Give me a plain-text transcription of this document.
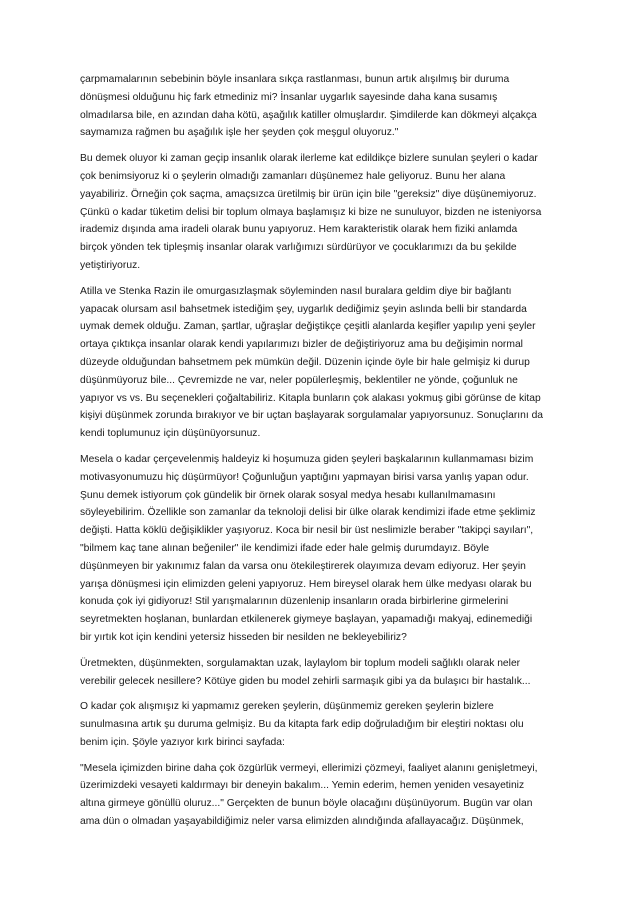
çarpmamalarının sebebinin böyle insanlara sıkça rastlanması, bunun artık alışılmış bir duruma
dönüşmesi olduğunu hiç fark etmediniz mi? İnsanlar uygarlık sayesinde daha kana susamış
olmadılarsa bile, en azından daha kötü, aşağılık katiller olmuşlardır. Şimdilerde kan dökmeyi alçakça
saymamıza rağmen bu aşağılık işle her şeyden çok meşgul oluyoruz."

Bu demek oluyor ki zaman geçip insanlık olarak ilerleme kat edildikçe bizlere sunulan şeyleri o kadar
çok benimsiyoruz ki o şeylerin olmadığı zamanları düşünemez hale geliyoruz. Bunu her alana
yayabiliriz. Örneğin çok saçma, amaçsızca üretilmiş bir ürün için bile "gereksiz" diye düşünemiyoruz.
Çünkü o kadar tüketim delisi bir toplum olmaya başlamışız ki bize ne sunuluyor, bizden ne isteniyorsa
irademiz dışında ama iradeli olarak bunu yapıyoruz. Hem karakteristik olarak hem fiziki anlamda
birçok yönden tek tipleşmiş insanlar olarak varlığımızı sürdürüyor ve çocuklarımızı da bu şekilde
yetiştiriyoruz.

Atilla ve Stenka Razin ile omurgasızlaşmak söyleminden nasıl buralara geldim diye bir bağlantı
yapacak olursam asıl bahsetmek istediğim şey, uygarlık dediğimiz şeyin aslında belli bir standarda
uymak demek olduğu. Zaman, şartlar, uğraşlar değiştikçe çeşitli alanlarda keşifler yapılıp yeni şeyler
ortaya çıktıkça insanlar olarak kendi yapılarımızı bizler de değiştiriyoruz ama bu değişimin normal
düzeyde olduğundan bahsetmem pek mümkün değil. Düzenin içinde öyle bir hale gelmişiz ki durup
düşünmüyoruz bile... Çevremizde ne var, neler popülerleşmiş, beklentiler ne yönde, çoğunluk ne
yapıyor vs vs. Bu seçenekleri çoğaltabiliriz. Kitapla bunların çok alakası yokmuş gibi görünse de kitap
kişiyi düşünmek zorunda bırakıyor ve bir uçtan başlayarak sorgulamalar yapıyorsunuz. Sonuçlarını da
kendi toplumunuz için düşünüyorsunuz.

Mesela o kadar çerçevelenmiş haldeyiz ki hoşumuza giden şeyleri başkalarının kullanmaması bizim
motivasyonumuzu hiç düşürmüyor! Çoğunluğun yaptığını yapmayan birisi varsa yanlış yapan odur.
Şunu demek istiyorum çok gündelik bir örnek olarak sosyal medya hesabı kullanılmamasını
söyleyebilirim. Özellikle son zamanlar da teknoloji delisi bir ülke olarak kendimizi ifade etme şeklimiz
değişti. Hatta köklü değişiklikler yaşıyoruz. Koca bir nesil bir üst neslimizle beraber "takipçi sayıları",
"bilmem kaç tane alınan beğeniler" ile kendimizi ifade eder hale gelmiş durumdayız. Böyle
düşünmeyen bir yakınımız falan da varsa onu ötekileştirerek olayımıza devam ediyoruz. Her şeyin
yarışa dönüşmesi için elimizden geleni yapıyoruz. Hem bireysel olarak hem ülke medyası olarak bu
konuda çok iyi gidiyoruz! Stil yarışmalarının düzenlenip insanların orada birbirlerine girmelerini
seyretmekten hoşlanan, bunlardan etkilenerek giymeye başlayan, yapamadığı makyaj, edinemediği
bir yırtık kot için kendini yetersiz hisseden bir nesilden ne bekleyebiliriz?

Üretmekten, düşünmekten, sorgulamaktan uzak, laylaylom bir toplum modeli sağlıklı olarak neler
verebilir gelecek nesillere? Kötüye giden bu model zehirli sarmaşık gibi ya da bulaşıcı bir hastalık...

O kadar çok alışmışız ki yapmamız gereken şeylerin, düşünmemiz gereken şeylerin bizlere
sunulmasına artık şu duruma gelmişiz. Bu da kitapta fark edip doğruladığım bir eleştiri noktası olu
benim için. Şöyle yazıyor kırk birinci sayfada:

"Mesela içimizden birine daha çok özgürlük vermeyi, ellerimizi çözmeyi, faaliyet alanını genişletmeyi,
üzerimizdeki vesayeti kaldırmayı bir deneyin bakalım... Yemin ederim, hemen yeniden vesayetiniz
altına girmeye gönüllü oluruz..." Gerçekten de bunun böyle olacağını düşünüyorum. Bugün var olan
ama dün o olmadan yaşayabildiğimiz neler varsa elimizden alındığında afallayacağız. Düşünmek,
